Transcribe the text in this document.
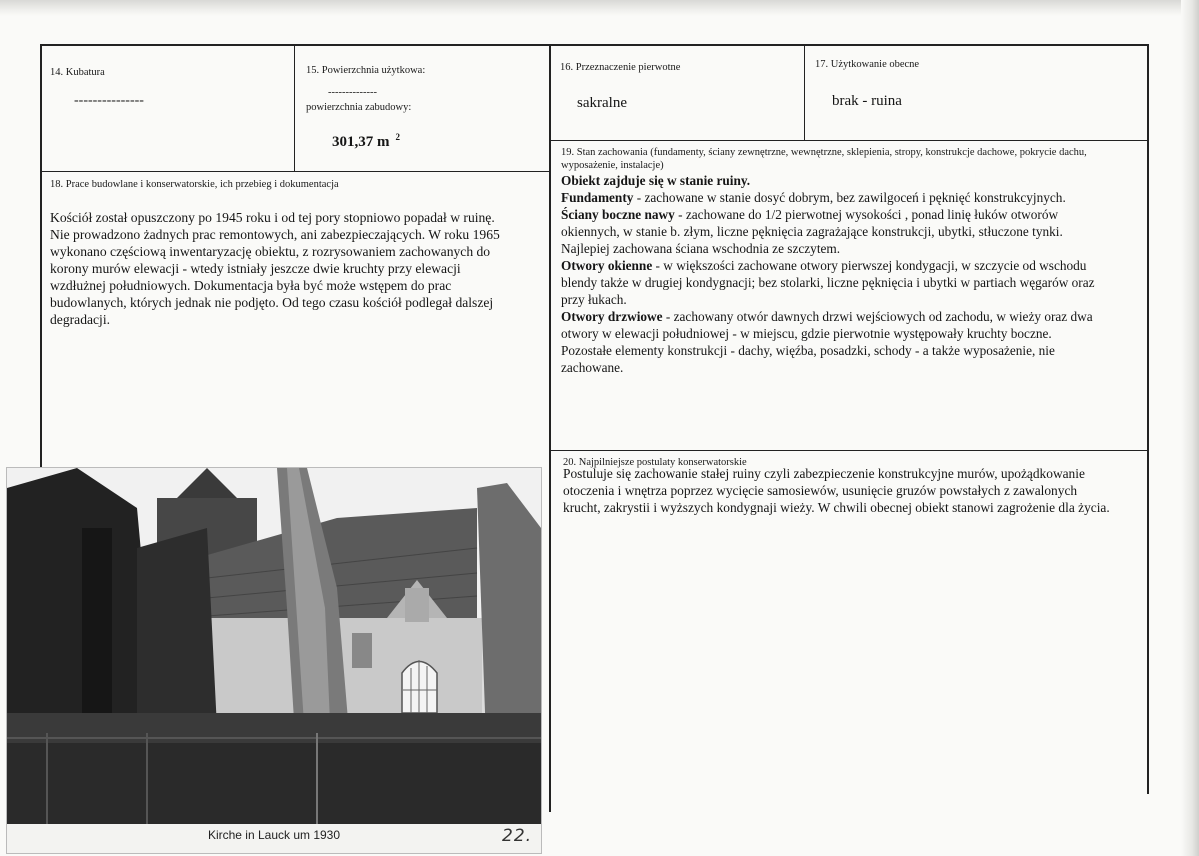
14. Kubatura
---------------
15. Powierzchnia użytkowa:
--------------
powierzchnia zabudowy:
301,37 m $^2$
16. Przeznaczenie pierwotne
sakralne
17. Użytkowanie obecne
brak - ruina
18. Prace budowlane i konserwatorskie, ich przebieg i dokumentacja

Kościół został opuszczony po 1945 roku i od tej pory stopniowo popadał w ruinę.

Nie prowadzono żadnych prac remontowych, ani zabezpieczających. W roku 1965

wykonano częściową inwentaryzację obiektu, z rozrysowaniem zachowanych do

korony murów elewacji - wtedy istniały jeszcze dwie kruchty przy elewacji

wzdłużnej południowych. Dokumentacja była być może wstępem do prac

budowlanych, których jednak nie podjęto. Od tego czasu kościół podlegał dalszej

degradacji.

19. Stan zachowania (fundamenty, ściany zewnętrzne, wewnętrzne, sklepienia, stropy, konstrukcje dachowe, pokrycie dachu,
wyposażenie, instalacje)

Obiekt zajduje się w stanie ruiny.

Fundamenty - zachowane w stanie dosyć dobrym, bez zawilgoceń i pęknięć konstrukcyjnych.

Ściany boczne nawy - zachowane do 1/2 pierwotnej wysokości , ponad linię łuków otworów

okiennych, w stanie b. złym, liczne pęknięcia zagrażające konstrukcji, ubytki, stłuczone tynki.

Najlepiej zachowana ściana wschodnia ze szczytem.

Otwory okienne - w większości zachowane otwory pierwszej kondygacji, w szczycie od wschodu

blendy także w drugiej kondygnacji; bez stolarki, liczne pęknięcia i ubytki w partiach węgarów oraz

przy łukach.

Otwory drzwiowe - zachowany otwór dawnych drzwi wejściowych od zachodu, w wieży oraz dwa

otwory w elewacji południowej - w miejscu, gdzie pierwotnie występowały kruchty boczne.

Pozostałe elementy konstrukcji - dachy, więźba, posadzki, schody - a także wyposażenie, nie

zachowane.

20. Najpilniejsze postulaty konserwatorskie

Postuluje się zachowanie stałej ruiny czyli zabezpieczenie konstrukcyjne murów, upożądkowanie

otoczenia i wnętrza poprzez wycięcie samosiewów, usunięcie gruzów powstałych z zawalonych

krucht, zakrystii i wyższych kondygnaji wieży. W chwili obecnej obiekt stanowi zagrożenie dla życia.

Kirche in Lauck um 1930	22.
